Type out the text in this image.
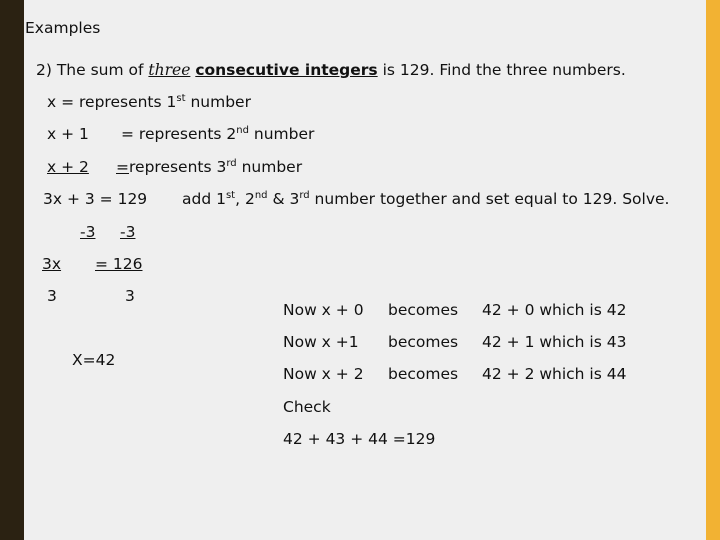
Examples
2) The sum of three consecutive integers is 129. Find the three numbers.
x = represents 1st number
x + 1 = represents 2nd number
x + 2 = represents 3rd number
3x + 3 = 129 add 1st, 2nd & 3rd number together and set equal to 129. Solve.
-3 -3
3x = 126
3	3
X=42
Now x + 0 becomes 42 + 0 which is 42
Now x +1 becomes 42 + 1 which is 43
Now x + 2 becomes 42 + 2 which is 44
Check
42 + 43 + 44 =129
